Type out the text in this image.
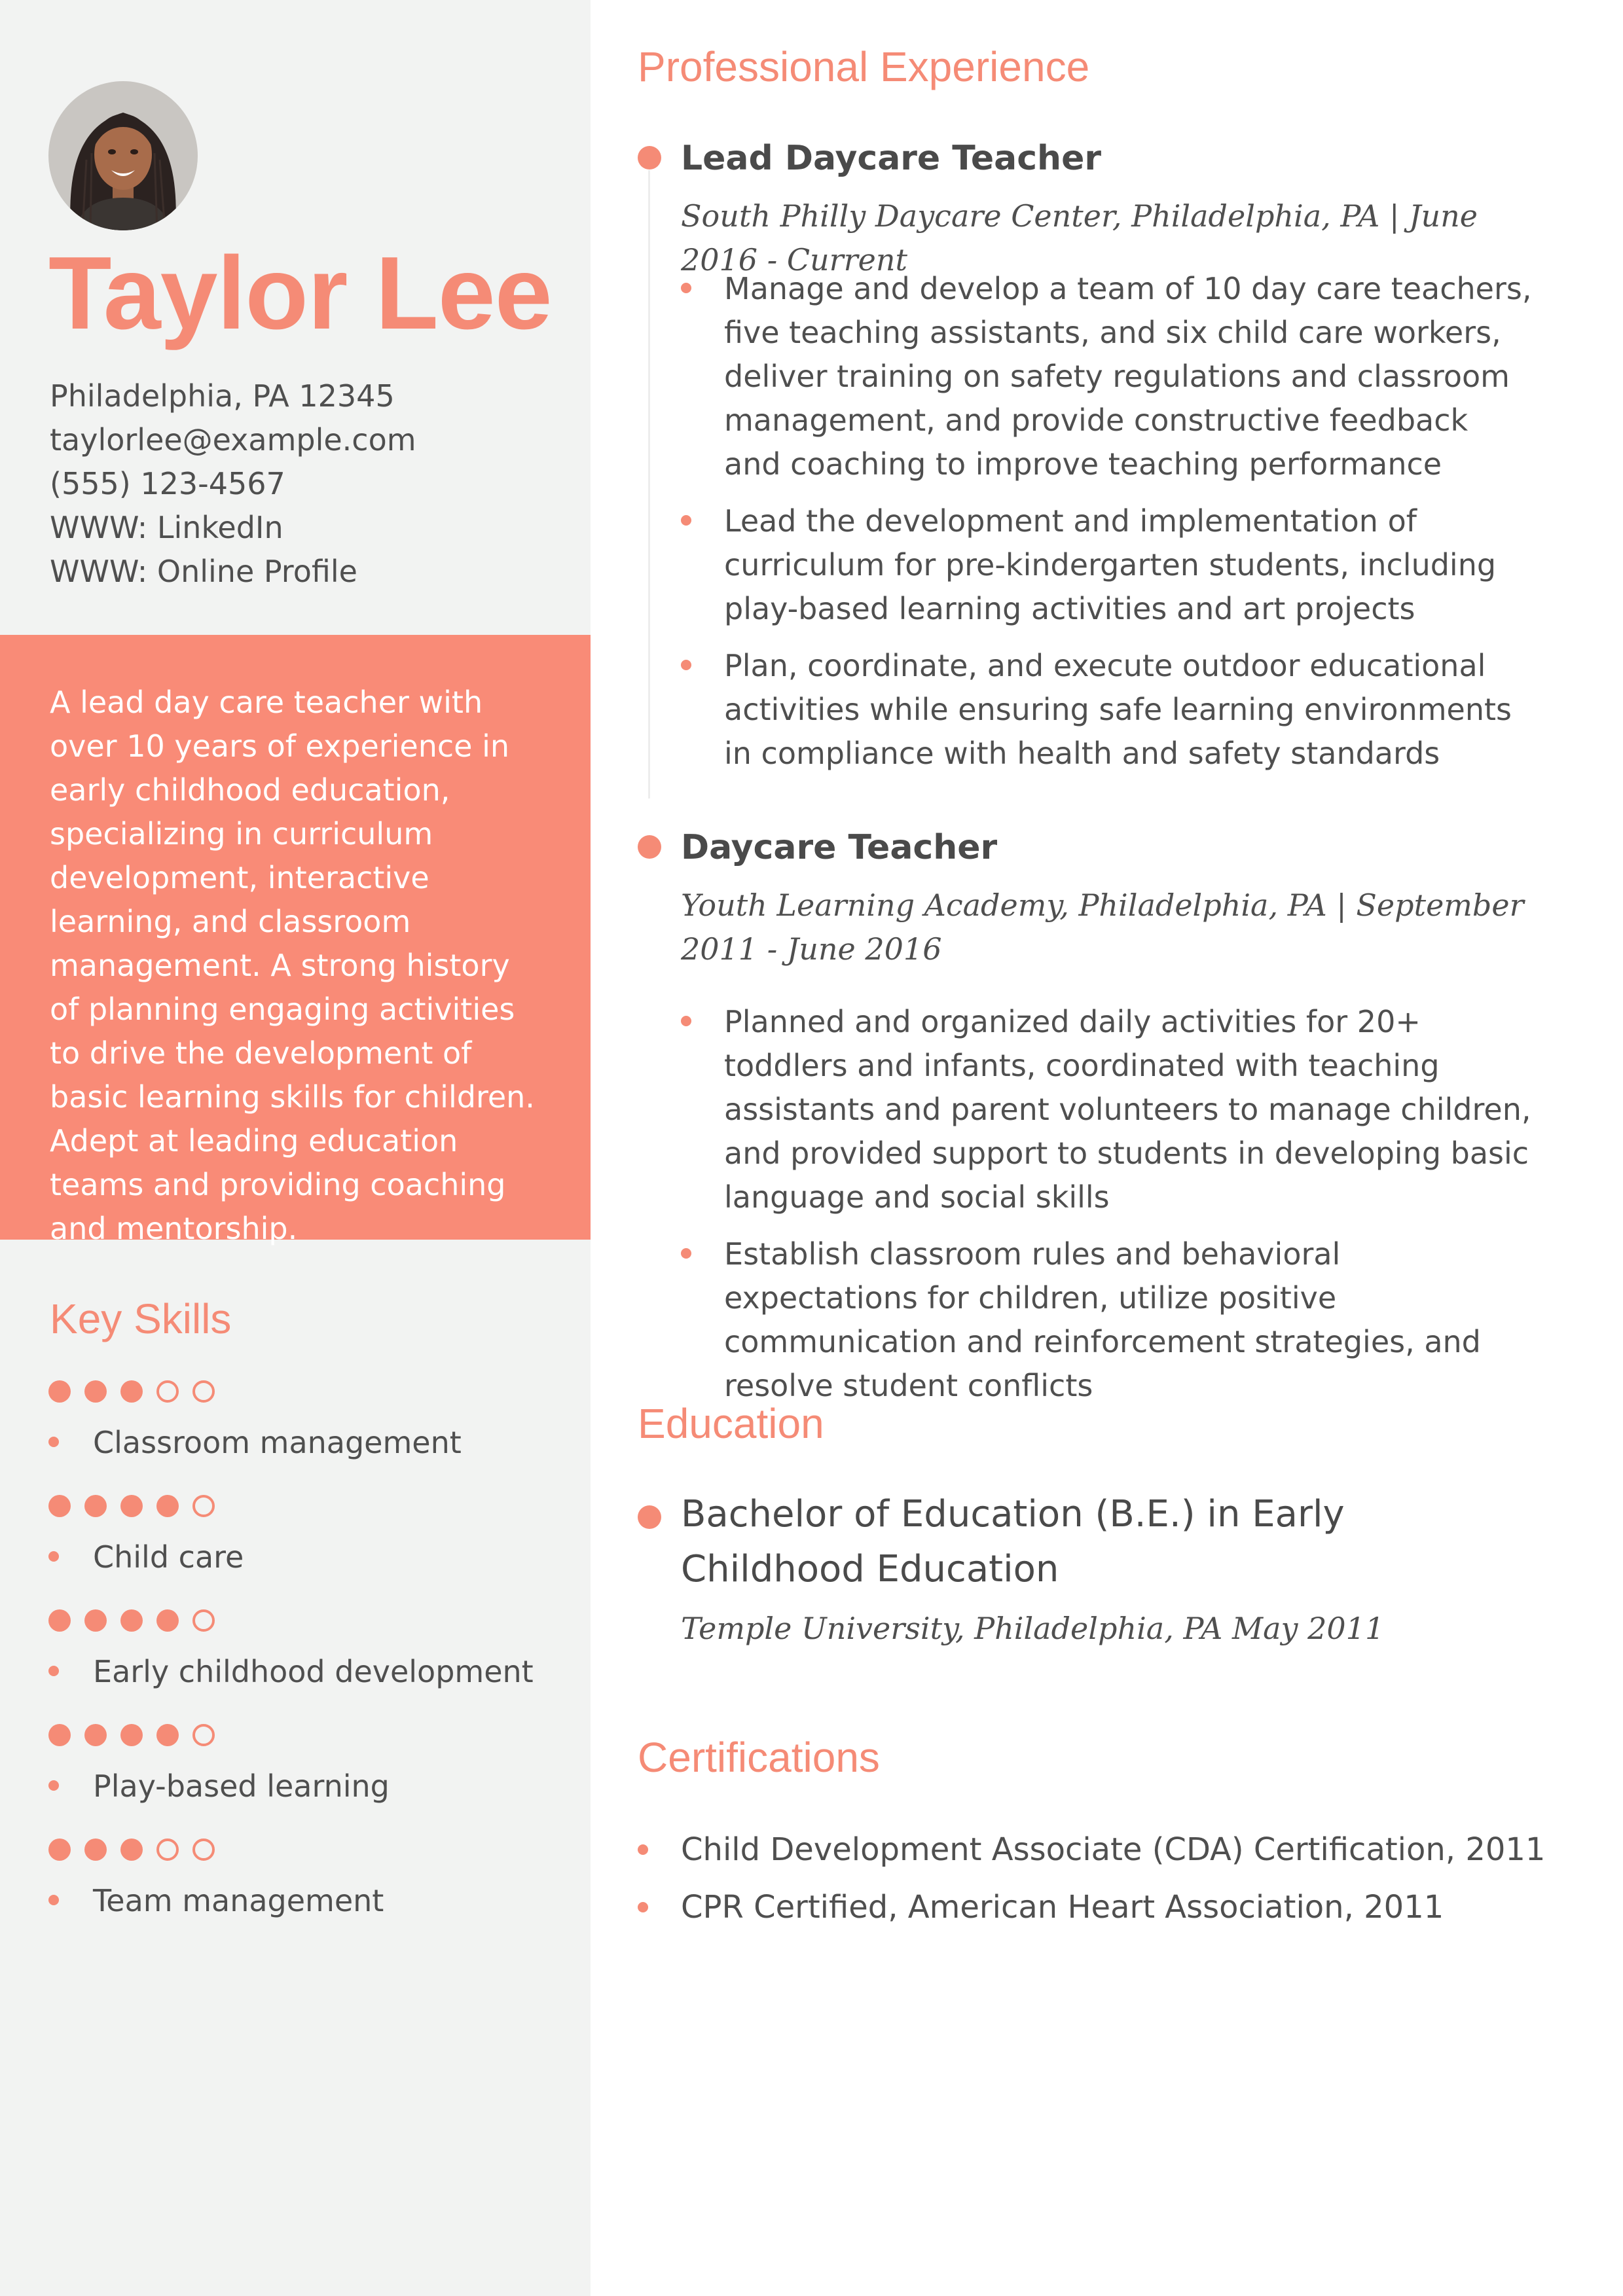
Taylor Lee
Philadelphia, PA 12345
taylorlee@example.com
(555) 123-4567
WWW: LinkedIn
WWW: Online Profile

A lead day care teacher with over 10 years of experience in early childhood education, specializing in curriculum development, interactive learning, and classroom management. A strong history of planning engaging activities to drive the development of basic learning skills for children. Adept at leading education teams and providing coaching and mentorship.

Key Skills
Classroom management
Child care
Early childhood development
Play-based learning
Team management
Professional Experience
Lead Daycare Teacher

South Philly Daycare Center, Philadelphia, PA | June 2016 - Current

Manage and develop a team of 10 day care teachers, five teaching assistants, and six child care workers, deliver training on safety regulations and classroom management, and provide constructive feedback and coaching to improve teaching performance
Lead the development and implementation of curriculum for pre-kindergarten students, including play-based learning activities and art projects
Plan, coordinate, and execute outdoor educational activities while ensuring safe learning environments in compliance with health and safety standards
Daycare Teacher

Youth Learning Academy, Philadelphia, PA | September 2011 - June 2016

Planned and organized daily activities for 20+ toddlers and infants, coordinated with teaching assistants and parent volunteers to manage children, and provided support to students in developing basic language and social skills
Establish classroom rules and behavioral expectations for children, utilize positive communication and reinforcement strategies, and resolve student conflicts
Education
Bachelor of Education (B.E.) in Early Childhood Education

Temple University, Philadelphia, PA May 2011

Certifications
Child Development Associate (CDA) Certification, 2011
CPR Certified, American Heart Association, 2011
